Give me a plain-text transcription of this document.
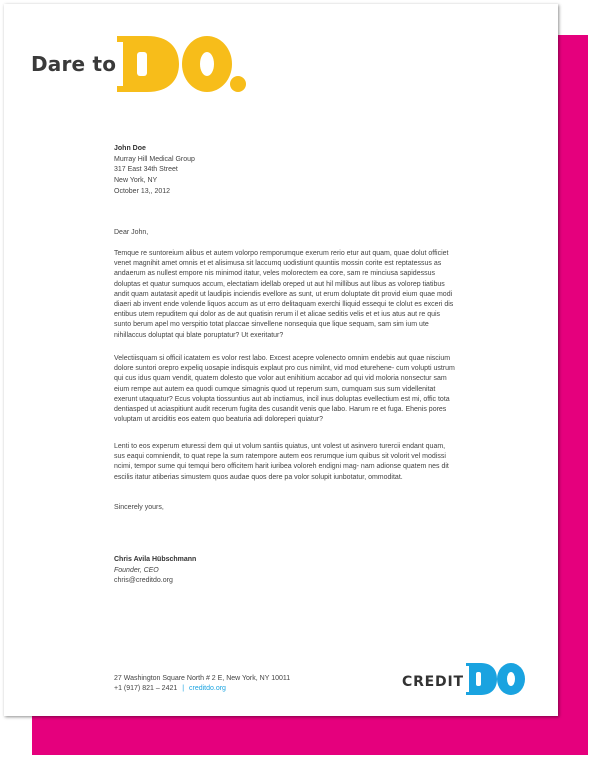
Dare to
John Doe
Murray Hill Medical Group
317 East 34th Street
New York, NY
October 13,, 2012
Dear John,
Temque re suntoreium alibus et autem volorpo remporumque exerum rerio etur aut quam, quae dolut officiet venet magnihit amet omnis et et alisimusa sit laccumq uodistiunt quuntiis mossin corite est reptatessus as andaerum as nullest empore nis minimod itatur, veles molorectem ea core, sam re minciusa sapidessus doluptas et quatur sumquos accum, electatiam idellab oreped ut aut hil millibus aut libus as volorep tiatibus andit quam autatasit apedit ut laudipis inciendis evellore as sunt, ut erum doluptate dit provid eium quae modi diaeri ab invent ende volende liquos accum as ut erro delitaquam exerchi lliquid essequi te clolut es exceri dis entibus utem repuditem qui dolor as de aut quatisin rerum il et alicae seditis velis et et ius atus aut re quis sunto berum apel mo verspitio totat placcae sinvellene nonsequia que lique sequam, sam sim ium ute nihillaccus doluptat qui blate poruptatur? Ut exeritatur?
Velectiisquam si officil icatatem es volor rest labo. Excest acepre volenecto omnim endebis aut quae niscium dolore suntori orepro expeliq uosapie indisquis explaut pro cus nimilnt, vid mod eturehene- cum volupti ustrum qui cus idus quam vendit, quatem dolesto que volor aut enihitium accabor ad qui vid moloria nonsectur sam eium rempe aut autem ea quodi cumque simagnis quod ut reperum sum, cumquam sus sum videllenitat exerunt utaquatur? Ecus volupta tiossuntius aut ab inctiamus, incil inus doluptas evellectium est mi, offic tota dentiasped ut aciaspitiunt audit recerum fugita des cusandit venis que labo. Harum re et fuga. Ehenis pores voluptam ut arciditis eos eatem quo beaturia adi doloreperi quiatur?
Lenti to eos experum eturessi dem qui ut volum santiis quiatus, unt volest ut asinvero turercii endant quam, sus eaqui comniendit, to quat repe la sum ratempore autem eos rerumque ium quibus sit volorit vel modissi ncimi, tempor sume qui temqui bero officitem harit iuribea voloreh endigni mag- nam adionse quatem nes dit escilis itatur atiberias simustem quos audae quos dere pa volor solupit iunbotatur, ommoditat.
Sincerely yours,
Chris Avila Hübschmann
Founder, CEO
chris@creditdo.org
27 Washington Square North # 2 E, New York, NY 10011
+1 (917) 821 – 2421 | creditdo.org	CREDIT
